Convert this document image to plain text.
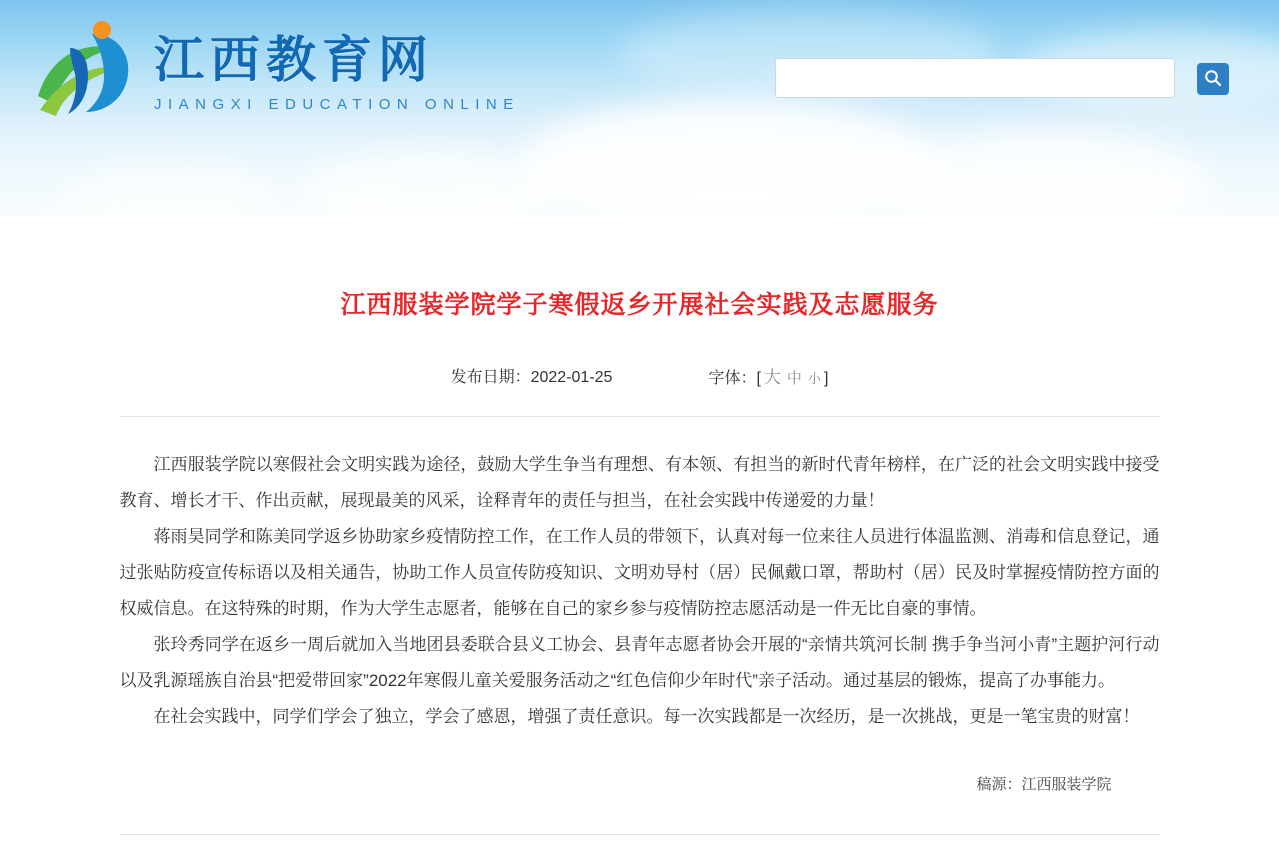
江西教育网
JIANGXI EDUCATION ONLINE
江西服装学院学子寒假返乡开展社会实践及志愿服务
发布日期：2022-01-25	字体：[ 大 中 小 ]

江西服装学院以寒假社会文明实践为途径，鼓励大学生争当有理想、有本领、有担当的新时代青年榜样，在广泛的社会文明实践中接受教育、增长才干、作出贡献，展现最美的风采，诠释青年的责任与担当，在社会实践中传递爱的力量！

蒋雨昊同学和陈美同学返乡协助家乡疫情防控工作，在工作人员的带领下，认真对每一位来往人员进行体温监测、消毒和信息登记，通过张贴防疫宣传标语以及相关通告，协助工作人员宣传防疫知识、文明劝导村（居）民佩戴口罩，帮助村（居）民及时掌握疫情防控方面的权威信息。在这特殊的时期，作为大学生志愿者，能够在自己的家乡参与疫情防控志愿活动是一件无比自豪的事情。

张玲秀同学在返乡一周后就加入当地团县委联合县义工协会、县青年志愿者协会开展的“亲情共筑河长制 携手争当河小青”主题护河行动以及乳源瑶族自治县“把爱带回家”2022年寒假儿童关爱服务活动之“红色信仰少年时代”亲子活动。通过基层的锻炼，提高了办事能力。

在社会实践中，同学们学会了独立，学会了感恩，增强了责任意识。每一次实践都是一次经历，是一次挑战，更是一笔宝贵的财富！

稿源：江西服装学院
